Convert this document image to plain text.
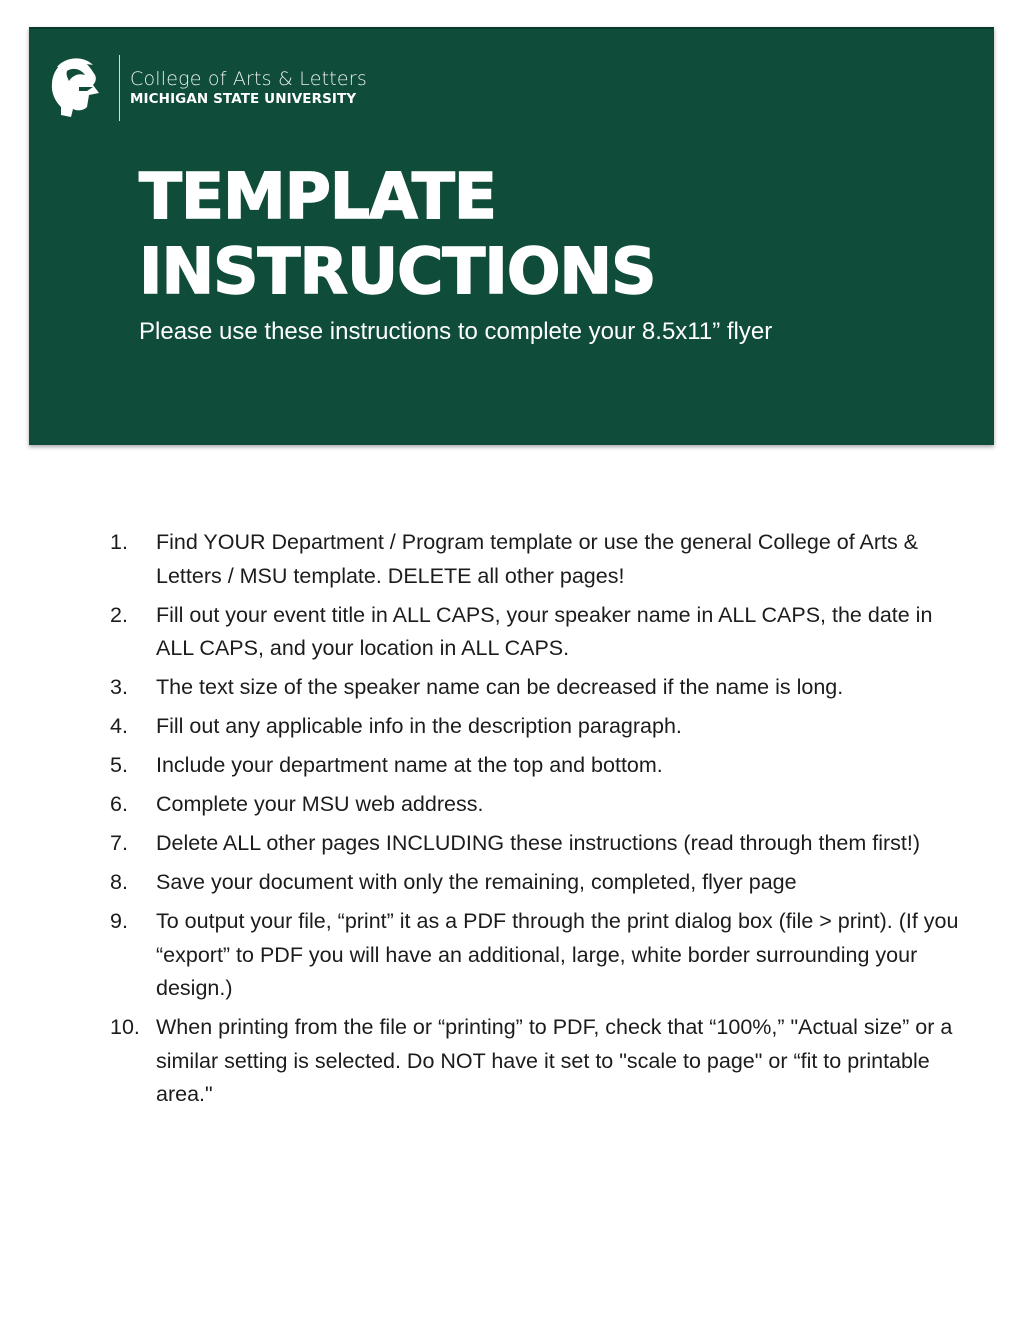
College of Arts & Letters
MICHIGAN STATE UNIVERSITY
TEMPLATE
INSTRUCTIONS

Please use these instructions to complete your 8.5x11” flyer

1.	Find YOUR Department / Program template or use the general College of Arts & Letters / MSU template. DELETE all other pages!
2.	Fill out your event title in ALL CAPS, your speaker name in ALL CAPS, the date in ALL CAPS, and your location in ALL CAPS.
3.	The text size of the speaker name can be decreased if the name is long.
4.	Fill out any applicable info in the description paragraph.
5.	Include your department name at the top and bottom.
6.	Complete your MSU web address.
7.	Delete ALL other pages INCLUDING these instructions (read through them first!)
8.	Save your document with only the remaining, completed, flyer page
9.	To output your file, “print” it as a PDF through the print dialog box (file > print). (If you “export” to PDF you will have an additional, large, white border surrounding your design.)
10. When printing from the file or “printing” to PDF, check that “100%,” "Actual size” or a similar setting is selected. Do NOT have it set to "scale to page" or “fit to printable area."
